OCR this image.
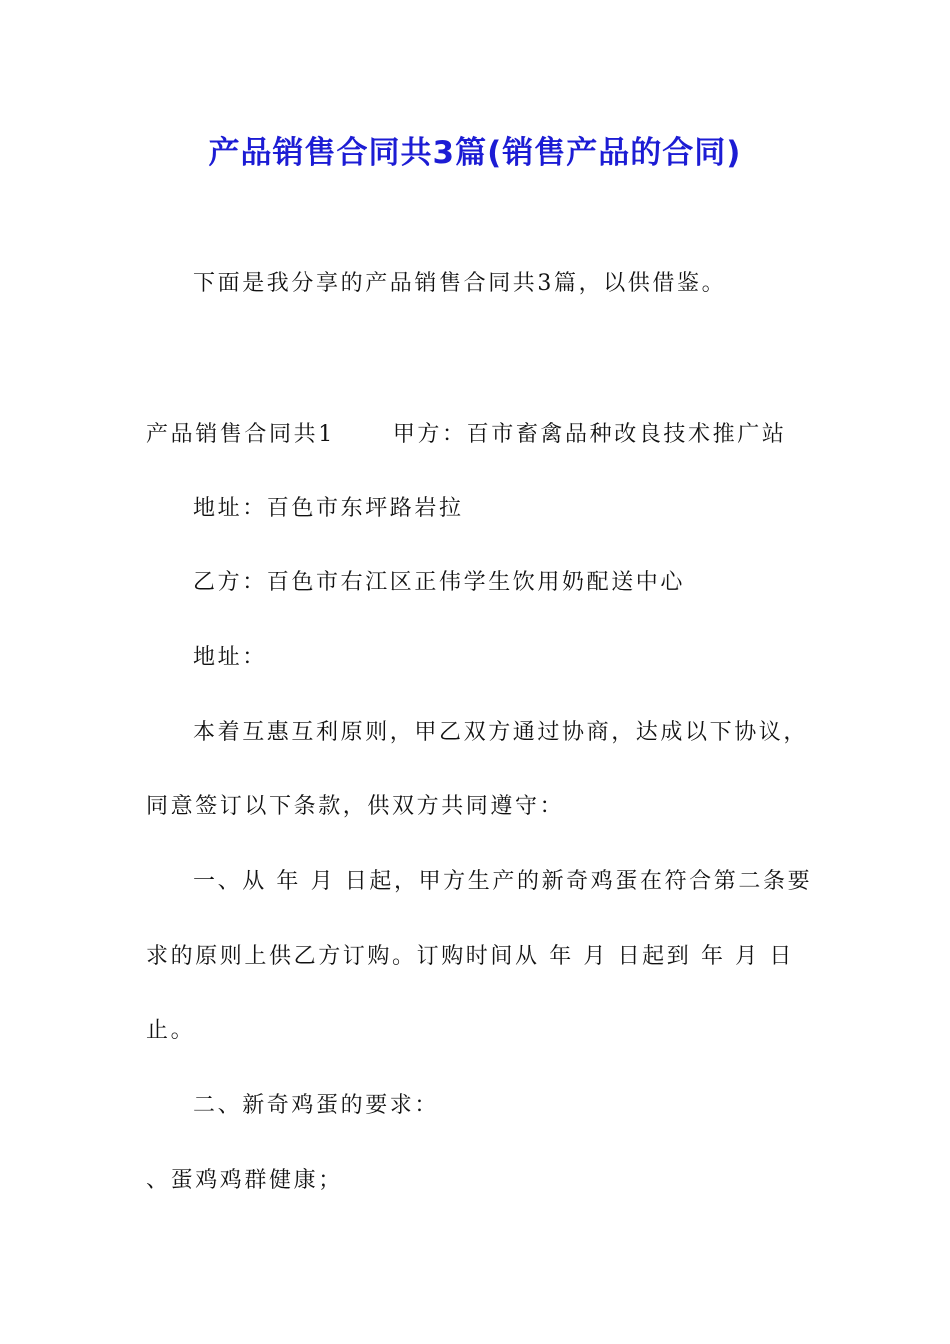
产品销售合同共3篇(销售产品的合同)
下面是我分享的产品销售合同共3篇，以供借鉴。
产品销售合同共1	甲方：百市畜禽品种改良技术推广站
地址：百色市东坪路岩拉
乙方：百色市右江区正伟学生饮用奶配送中心
地址：
本着互惠互利原则，甲乙双方通过协商，达成以下协议，
同意签订以下条款，供双方共同遵守：
一、从 年 月 日起，甲方生产的新奇鸡蛋在符合第二条要
求的原则上供乙方订购。订购时间从 年 月 日起到 年 月 日
止。
二、新奇鸡蛋的要求：
、蛋鸡鸡群健康；
